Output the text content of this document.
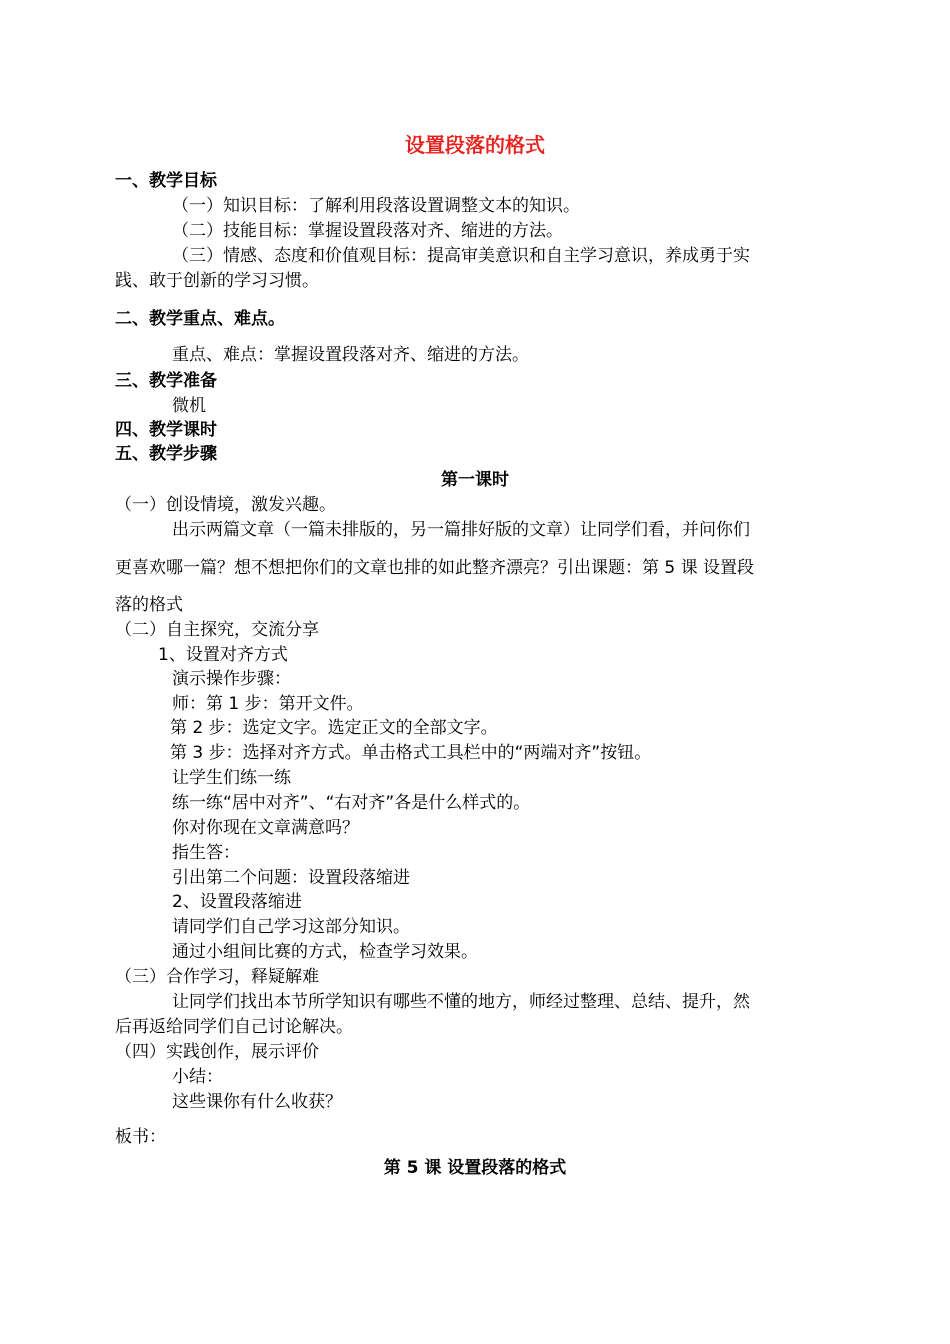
设置段落的格式
一、教学目标
（一）知识目标：了解利用段落设置调整文本的知识。
（二）技能目标：掌握设置段落对齐、缩进的方法。
（三）情感、态度和价值观目标：提高审美意识和自主学习意识，养成勇于实
践、敢于创新的学习习惯。
二、教学重点、难点。
重点、难点：掌握设置段落对齐、缩进的方法。
三、教学准备
微机
四、教学课时
五、教学步骤
第一课时
（一）创设情境，激发兴趣。
出示两篇文章（一篇未排版的，另一篇排好版的文章）让同学们看，并问你们
更喜欢哪一篇？想不想把你们的文章也排的如此整齐漂亮？引出课题：第 5 课 设置段
落的格式
（二）自主探究，交流分享
1、设置对齐方式
演示操作步骤：
师：第 1 步：第开文件。
第 2 步：选定文字。选定正文的全部文字。
第 3 步：选择对齐方式。单击格式工具栏中的“两端对齐”按钮。
让学生们练一练
练一练“居中对齐”、“右对齐”各是什么样式的。
你对你现在文章满意吗？
指生答：
引出第二个问题：设置段落缩进
2、设置段落缩进
请同学们自己学习这部分知识。
通过小组间比赛的方式，检查学习效果。
（三）合作学习，释疑解难
让同学们找出本节所学知识有哪些不懂的地方，师经过整理、总结、提升，然
后再返给同学们自己讨论解决。
（四）实践创作，展示评价
小结：
这些课你有什么收获？
板书：
第 5 课 设置段落的格式
